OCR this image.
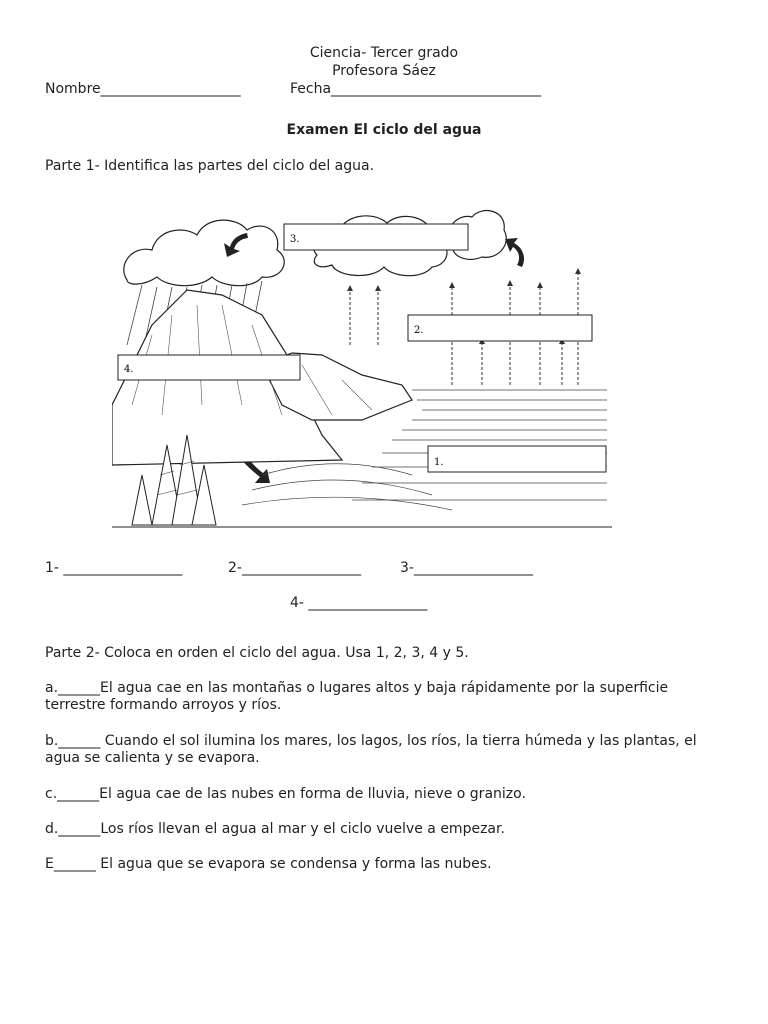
Ciencia- Tercer grado
Profesora Sáez
Nombre____________________	Fecha______________________________
Examen El ciclo del agua
Parte 1- Identifica las partes del ciclo del agua.
3.
2.
4.
1.
1- _________________	2-_________________	3-_________________
4- _________________
Parte 2- Coloca en orden el ciclo del agua. Usa 1, 2, 3, 4 y 5.
a.______El agua cae en las montañas o lugares altos y baja rápidamente por la superficie terrestre formando arroyos y ríos.
b.______ Cuando el sol ilumina los mares, los lagos, los ríos, la tierra húmeda y las plantas, el agua se calienta y se evapora.
c.______El agua cae de las nubes en forma de lluvia, nieve o granizo.
d.______Los ríos llevan el agua al mar y el ciclo vuelve a empezar.
E______ El agua que se evapora se condensa y forma las nubes.
